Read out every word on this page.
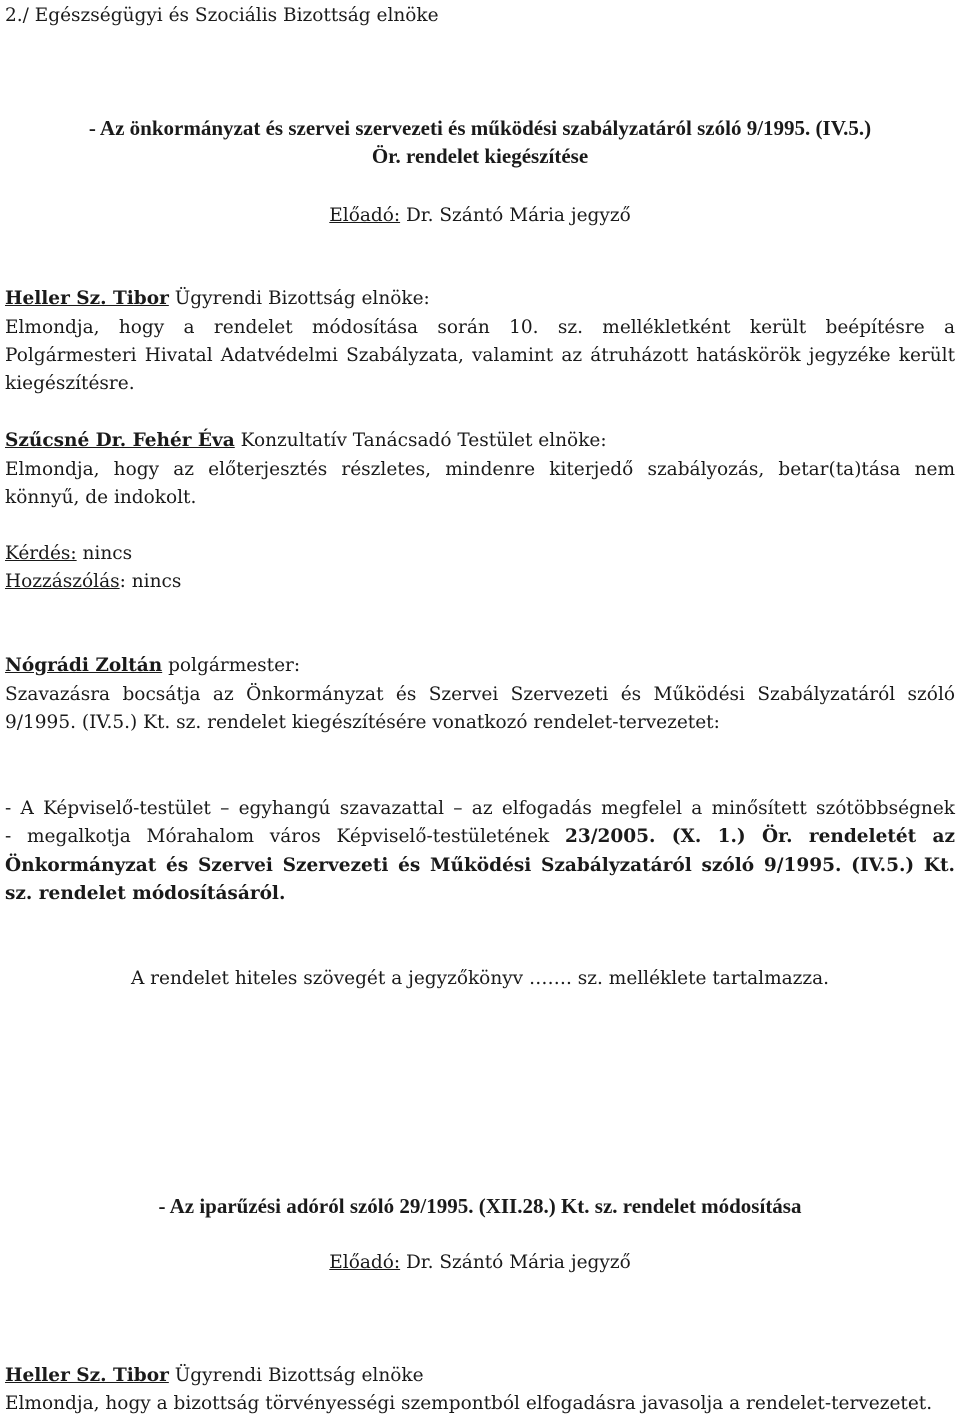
2./ Egészségügyi és Szociális Bizottság elnöke
- Az önkormányzat és szervei szervezeti és működési szabályzatáról szóló 9/1995. (IV.5.)
Ör. rendelet kiegészítése
Előadó: Dr. Szántó Mária jegyző
Heller Sz. Tibor Ügyrendi Bizottság elnöke:
Elmondja, hogy a rendelet módosítása során 10. sz. mellékletként került beépítésre a
Polgármesteri Hivatal Adatvédelmi Szabályzata, valamint az átruházott hatáskörök jegyzéke került
kiegészítésre.
Szűcsné Dr. Fehér Éva Konzultatív Tanácsadó Testület elnöke:
Elmondja, hogy az előterjesztés részletes, mindenre kiterjedő szabályozás, betar(ta)tása nem
könnyű, de indokolt.
Kérdés: nincs
Hozzászólás: nincs
Nógrádi Zoltán polgármester:
Szavazásra bocsátja az Önkormányzat és Szervei Szervezeti és Működési Szabályzatáról szóló
9/1995. (IV.5.) Kt. sz. rendelet kiegészítésére vonatkozó rendelet-tervezetet:
- A Képviselő-testület – egyhangú szavazattal – az elfogadás megfelel a minősített szótöbbségnek
- megalkotja Mórahalom város Képviselő-testületének 23/2005. (X. 1.) Ör. rendeletét az
Önkormányzat és Szervei Szervezeti és Működési Szabályzatáról szóló 9/1995. (IV.5.) Kt.
sz. rendelet módosításáról.
A rendelet hiteles szövegét a jegyzőkönyv ……. sz. melléklete tartalmazza.
- Az iparűzési adóról szóló 29/1995. (XII.28.) Kt. sz. rendelet módosítása
Előadó: Dr. Szántó Mária jegyző
Heller Sz. Tibor Ügyrendi Bizottság elnöke
Elmondja, hogy a bizottság törvényességi szempontból elfogadásra javasolja a rendelet-tervezetet.
